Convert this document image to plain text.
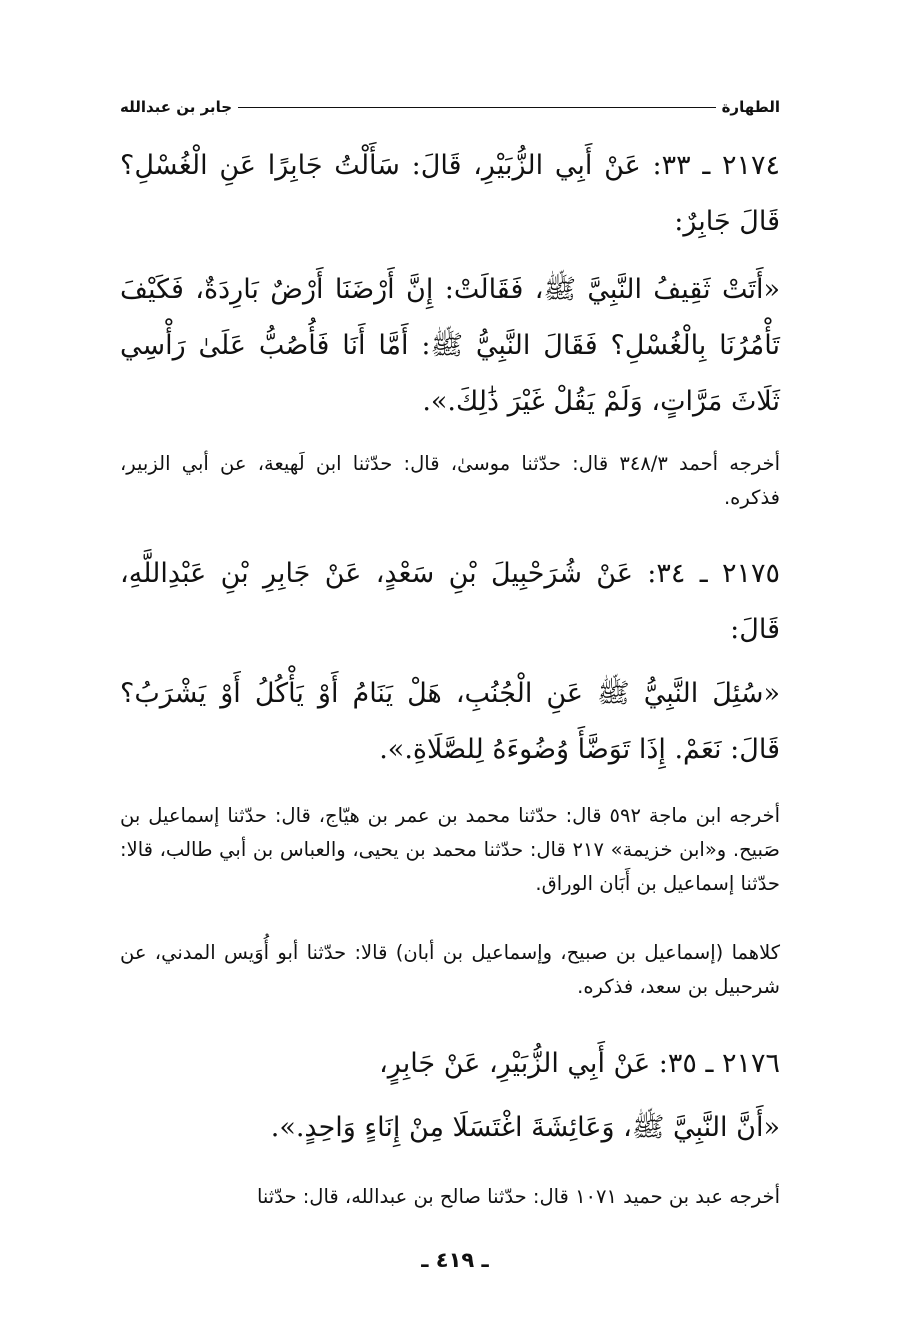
الطهارة
جابر بن عبدالله
٢١٧٤ ـ ٣٣: عَنْ أَبِي الزُّبَيْرِ، قَالَ: سَأَلْتُ جَابِرًا عَنِ الْغُسْلِ؟ قَالَ جَابِرٌ:
«أَتَتْ ثَقِيفُ النَّبِيَّ ﷺ، فَقَالَتْ: إِنَّ أَرْضَنَا أَرْضٌ بَارِدَةٌ، فَكَيْفَ تَأْمُرُنَا بِالْغُسْلِ؟ فَقَالَ النَّبِيُّ ﷺ: أَمَّا أَنَا فَأُصُبُّ عَلَىٰ رَأْسِي ثَلَاثَ مَرَّاتٍ، وَلَمْ يَقُلْ غَيْرَ ذَٰلِكَ.».
أخرجه أحمد ٣٤٨/٣ قال: حدّثنا موسىٰ، قال: حدّثنا ابن لَهيعة، عن أبي الزبير، فذكره.
٢١٧٥ ـ ٣٤: عَنْ شُرَحْبِيلَ بْنِ سَعْدٍ، عَنْ جَابِرِ بْنِ عَبْدِاللَّهِ، قَالَ:
«سُئِلَ النَّبِيُّ ﷺ عَنِ الْجُنُبِ، هَلْ يَنَامُ أَوْ يَأْكُلُ أَوْ يَشْرَبُ؟ قَالَ: نَعَمْ. إِذَا تَوَضَّأَ وُضُوءَهُ لِلصَّلَاةِ.».
أخرجه ابن ماجة ٥٩٢ قال: حدّثنا محمد بن عمر بن هيّاج، قال: حدّثنا إسماعيل بن صَبيح. و«ابن خزيمة» ٢١٧ قال: حدّثنا محمد بن يحيى، والعباس بن أبي طالب، قالا: حدّثنا إسماعيل بن أَبَان الوراق.
كلاهما (إسماعيل بن صبيح، وإسماعيل بن أبان) قالا: حدّثنا أبو أُوَيس المدني، عن شرحبيل بن سعد، فذكره.
٢١٧٦ ـ ٣٥: عَنْ أَبِي الزُّبَيْرِ، عَنْ جَابِرٍ،
«أَنَّ النَّبِيَّ ﷺ، وَعَائِشَةَ اغْتَسَلَا مِنْ إِنَاءٍ وَاحِدٍ.».
أخرجه عبد بن حميد ١٠٧١ قال: حدّثنا صالح بن عبدالله، قال: حدّثنا
ـ ٤١٩ ـ
